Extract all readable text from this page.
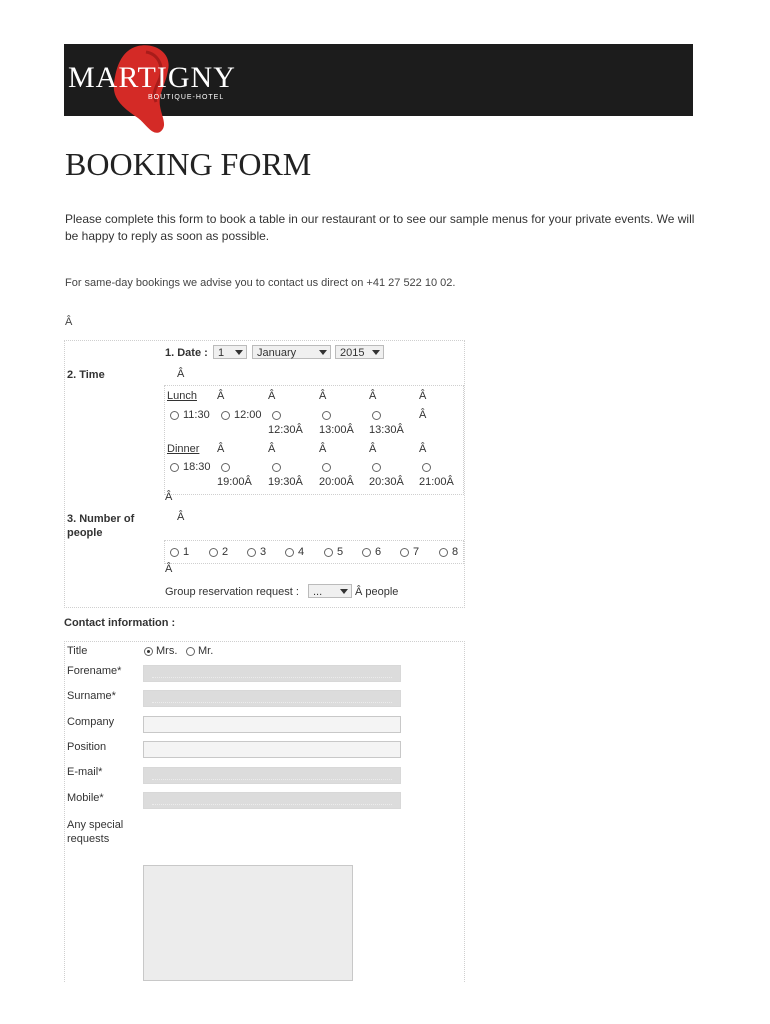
MARTIGNY
BOUTIQUE-HOTEL
BOOKING FORM
Please complete this form to book a table in our restaurant or to see our sample menus for your private events. We will be happy to reply as soon as possible.
For same-day bookings we advise you to contact us direct on +41 27 522 10 02.
Â
1. Date : 1	January	2015
2. Time	Â
Lunch Â	Â	Â	Â	Â
11:30 12:00
12:30Â 13:00Â 13:30Â
Â
Dinner Â	Â	Â	Â	Â
18:30
19:00Â 19:30Â 20:00Â 20:30Â 21:00Â
Â
3. Number of people
Â
1	2	3	4	5	6	7	8
Â
Group reservation request :	...	Â people
Contact information :
Title	Mrs. Mr.
Forename*
Surname*
Company
Position
E-mail*
Mobile*
Any special requests
